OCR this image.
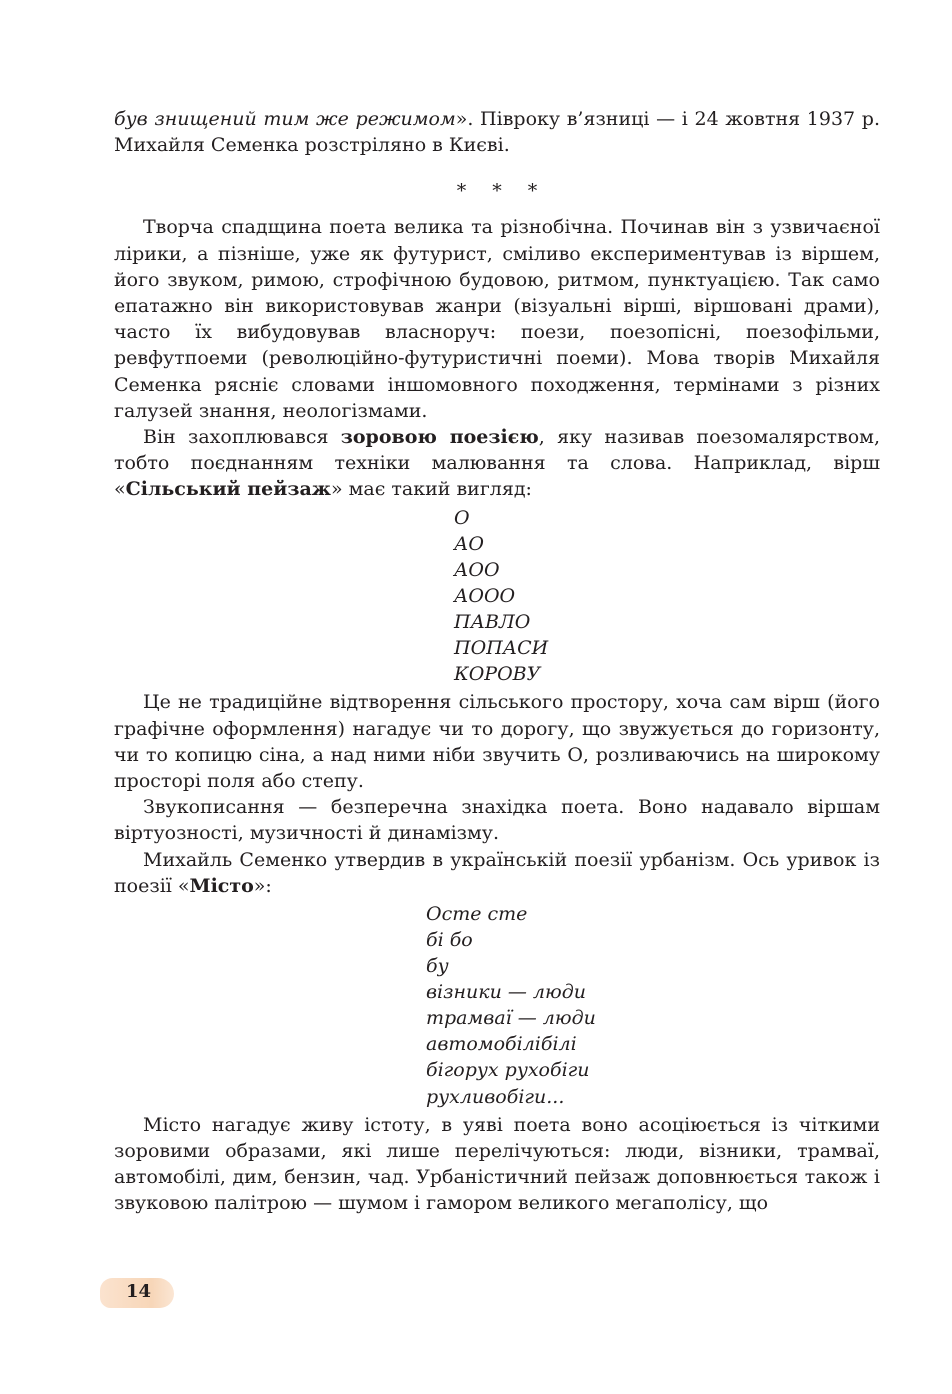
був знищений тим же режимом». Півроку в’язниці — і 24 жовтня 1937 р. Михайля Семенка розстріляно в Києві.

* * *

Творча спадщина поета велика та різнобічна. Починав він з узвичаєної лірики, а пізніше, уже як футурист, сміливо експериментував із віршем, його звуком, римою, строфічною будовою, ритмом, пунктуацією. Так само епатажно він використовував жанри (візуальні вірші, віршовані драми), часто їх вибудовував власноруч: поези, поезопісні, поезофільми, ревфутпоеми (революційно-футуристичні поеми). Мова творів Михайля Семенка рясніє словами іншомовного походження, термінами з різних галузей знання, неологізмами.

Він захоплювався зоровою поезією, яку називав поезомалярством, тобто поєднанням техніки малювання та слова. Наприклад, вірш «Сільський пейзаж» має такий вигляд:

О
АО
АОО
АООО
ПАВЛО
ПОПАСИ
КОРОВУ

Це не традиційне відтворення сільського простору, хоча сам вірш (його графічне оформлення) нагадує чи то дорогу, що звужується до горизонту, чи то копицю сіна, а над ними ніби звучить О, розливаючись на широкому просторі поля або степу.

Звукописання — безперечна знахідка поета. Воно надавало віршам віртуозності, музичності й динамізму.

Михайль Семенко утвердив в українській поезії урбанізм. Ось уривок із поезії «Місто»:

Осте сте
бі бо
бу
візники — люди
трамваї — люди
автомобілібілі
бігорух рухобіги
рухливобіги...

Місто нагадує живу істоту, в уяві поета воно асоціюється із чіткими зоровими образами, які лише перелічуються: люди, візники, трамваї, автомобілі, дим, бензин, чад. Урбаністичний пейзаж доповнюється також і звуковою палітрою — шумом і гамором великого мегаполісу, що

14
